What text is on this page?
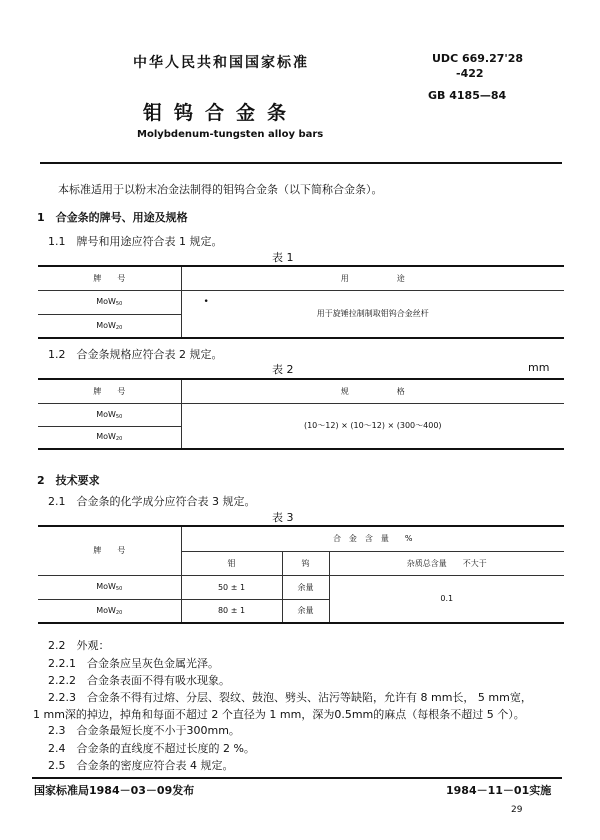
中华人民共和国国家标准	UDC 669.27'28
-422
GB 4185—84
钼钨合金条
Molybdenum-tungsten alloy bars
本标准适用于以粉末冶金法制得的钼钨合金条（以下简称合金条）。
1　合金条的牌号、用途及规格
1.1　牌号和用途应符合表 1 规定。
表 1
牌　　号	用　　　　　　途
MoW$_{50}$	•
用于旋锤拉制制取钼钨合金丝杆
MoW$_{20}$
1.2　合金条规格应符合表 2 规定。
表 2	mm
牌　　号	规　　　　　　格
MoW$_{50}$	(10～12) × (10～12) × (300～400)
MoW$_{20}$
2　技术要求
2.1　合金条的化学成分应符合表 3 规定。
表 3
牌　　号	合　金　含　量　　%		
	钼	钨	杂质总含量　　不大于
MoW$_{50}$	50 ± 1	余量	0.1
MoW$_{20}$	80 ± 1	余量	
2.2　外观：
2.2.1　合金条应呈灰色金属光泽。
2.2.2　合金条表面不得有吸水现象。
2.2.3　合金条不得有过熔、分层、裂纹、鼓泡、劈头、沾污等缺陷，允许有 8 mm长， 5 mm宽，
1 mm深的掉边，掉角和每面不超过 2 个直径为 1 mm，深为0.5mm的麻点（每根条不超过 5 个）。
2.3　合金条最短长度不小于300mm。
2.4　合金条的直线度不超过长度的 2 %。
2.5　合金条的密度应符合表 4 规定。
国家标准局1984－03－09发布	1984－11－01实施
29
